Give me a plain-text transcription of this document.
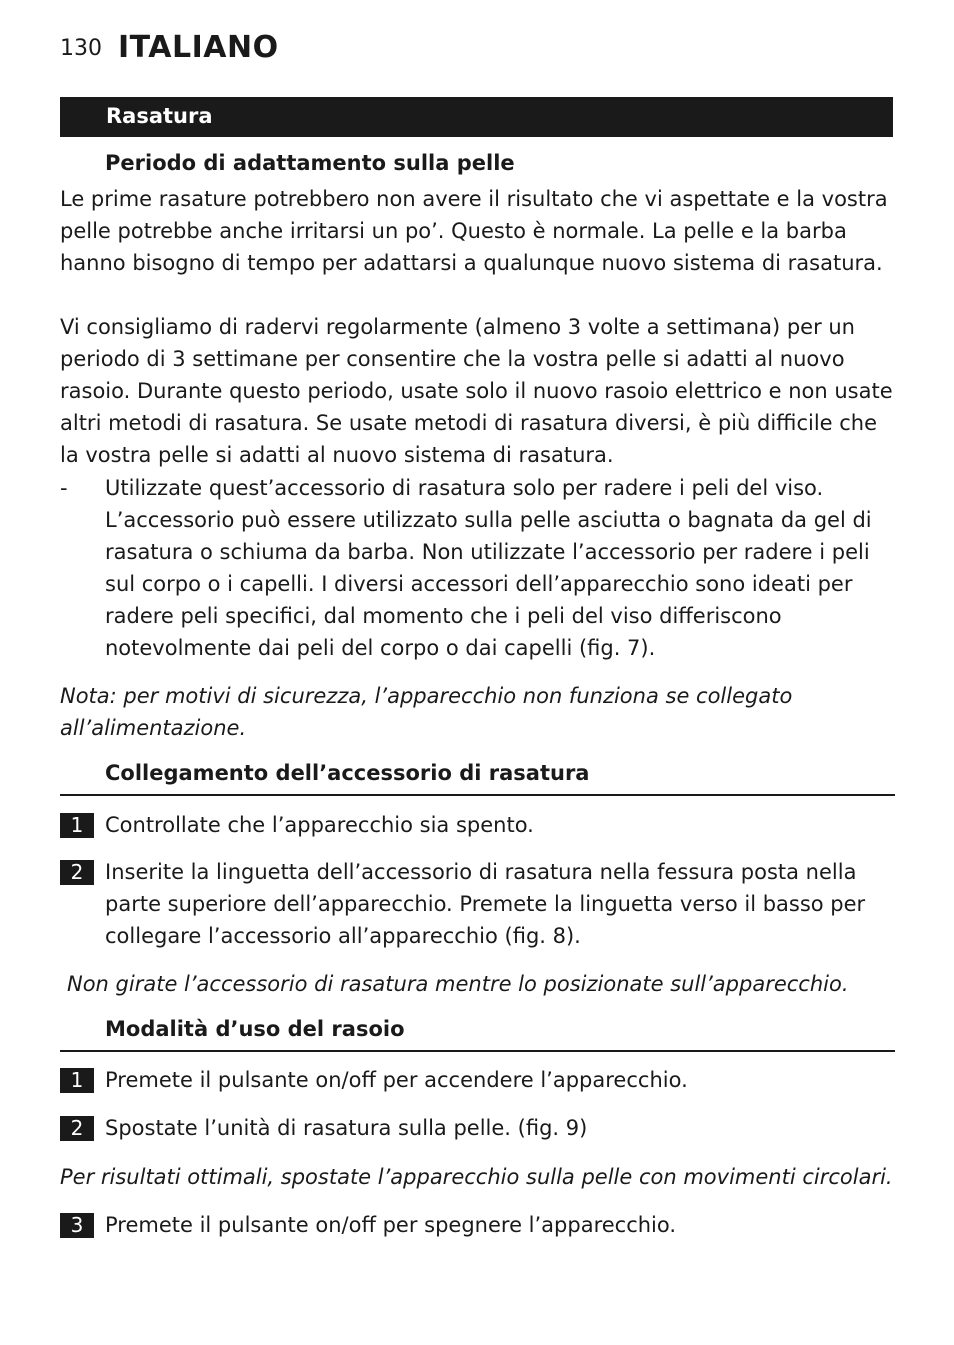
130 ITALIANO
Rasatura
Periodo di adattamento sulla pelle

Le prime rasature potrebbero non avere il risultato che vi aspettate e la vostra pelle potrebbe anche irritarsi un po’. Questo è normale. La pelle e la barba hanno bisogno di tempo per adattarsi a qualunque nuovo sistema di rasatura.

Vi consigliamo di radervi regolarmente (almeno 3 volte a settimana) per un periodo di 3 settimane per consentire che la vostra pelle si adatti al nuovo rasoio. Durante questo periodo, usate solo il nuovo rasoio elettrico e non usate altri metodi di rasatura. Se usate metodi di rasatura diversi, è più difficile che la vostra pelle si adatti al nuovo sistema di rasatura.

- Utilizzate quest’accessorio di rasatura solo per radere i peli del viso. L’accessorio può essere utilizzato sulla pelle asciutta o bagnata da gel di rasatura o schiuma da barba. Non utilizzate l’accessorio per radere i peli sul corpo o i capelli. I diversi accessori dell’apparecchio sono ideati per radere peli specifici, dal momento che i peli del viso differiscono notevolmente dai peli del corpo o dai capelli (fig. 7).

Nota: per motivi di sicurezza, l’apparecchio non funziona se collegato all’alimentazione.

Collegamento dell’accessorio di rasatura
1	Controllate che l’apparecchio sia spento.

2	Inserite la linguetta dell’accessorio di rasatura nella fessura posta nella parte superiore dell’apparecchio. Premete la linguetta verso il basso per collegare l’accessorio all’apparecchio (fig. 8).

Non girate l’accessorio di rasatura mentre lo posizionate sull’apparecchio.

Modalità d’uso del rasoio
1	Premete il pulsante on/off per accendere l’apparecchio.

2	Spostate l’unità di rasatura sulla pelle. (fig. 9)

Per risultati ottimali, spostate l’apparecchio sulla pelle con movimenti circolari.

3	Premete il pulsante on/off per spegnere l’apparecchio.
